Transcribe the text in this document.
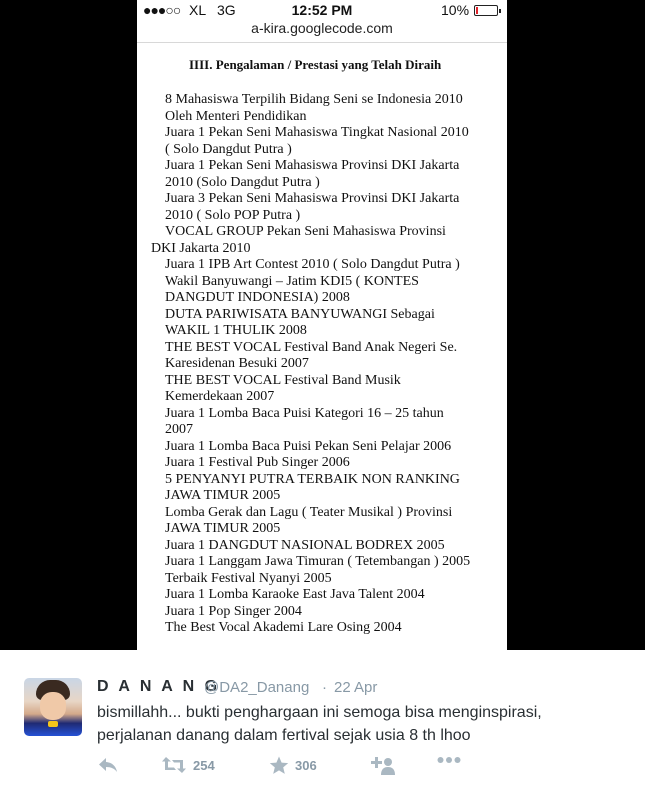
●●●○○ XL 3G	12:52 PM	10%
a-kira.googlecode.com
IIII. Pengalaman / Prestasi yang Telah Diraih
8 Mahasiswa Terpilih Bidang Seni se Indonesia 2010
Oleh Menteri Pendidikan
Juara 1 Pekan Seni Mahasiswa Tingkat Nasional 2010
( Solo Dangdut Putra )
Juara 1 Pekan Seni Mahasiswa Provinsi DKI Jakarta
2010 (Solo Dangdut Putra )
Juara 3 Pekan Seni Mahasiswa Provinsi DKI Jakarta
2010 ( Solo POP Putra )
VOCAL GROUP Pekan Seni Mahasiswa Provinsi
DKI Jakarta 2010
Juara 1 IPB Art Contest 2010 ( Solo Dangdut Putra )
Wakil Banyuwangi – Jatim KDI5 ( KONTES
DANGDUT INDONESIA) 2008
DUTA PARIWISATA BANYUWANGI Sebagai
WAKIL 1 THULIK 2008
THE BEST VOCAL Festival Band Anak Negeri Se.
Karesidenan Besuki 2007
THE BEST VOCAL Festival Band Musik
Kemerdekaan 2007
Juara 1 Lomba Baca Puisi Kategori 16 – 25 tahun
2007
Juara 1 Lomba Baca Puisi Pekan Seni Pelajar 2006
Juara 1 Festival Pub Singer 2006
5 PENYANYI PUTRA TERBAIK NON RANKING
JAWA TIMUR 2005
Lomba Gerak dan Lagu ( Teater Musikal ) Provinsi
JAWA TIMUR 2005
Juara 1 DANGDUT NASIONAL BODREX 2005
Juara 1 Langgam Jawa Timuran ( Tetembangan ) 2005
Terbaik Festival Nyanyi 2005
Juara 1 Lomba Karaoke East Java Talent 2004
Juara 1 Pop Singer 2004
The Best Vocal Akademi Lare Osing 2004
D A N A N G
@DA2_Danang · 22 Apr
bismillahh... bukti penghargaan ini semoga bisa menginspirasi,
perjalanan danang dalam fertival sejak usia 8 th lhoo
254	306
